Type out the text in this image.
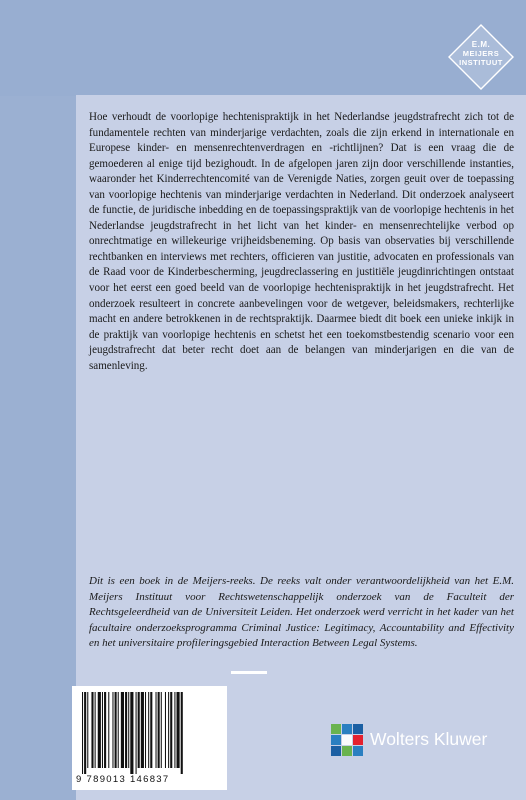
E.M.
MEIJERS
INSTITUUT
Hoe verhoudt de voorlopige hechtenispraktijk in het Nederlandse jeugdstrafrecht zich tot de fundamentele rechten van minderjarige verdachten, zoals die zijn erkend in internationale en Europese kinder- en mensenrechtenverdragen en -richtlijnen? Dat is een vraag die de gemoederen al enige tijd bezighoudt. In de afgelopen jaren zijn door verschillende instanties, waaronder het Kinderrechtencomité van de Verenigde Naties, zorgen geuit over de toepassing van voorlopige hechtenis van minderjarige verdachten in Nederland. Dit onderzoek analyseert de functie, de juridische inbedding en de toepassingspraktijk van de voorlopige hechtenis in het Nederlandse jeugdstrafrecht in het licht van het kinder- en mensenrechtelijke verbod op onrechtmatige en willekeurige vrijheidsbeneming. Op basis van observaties bij verschillende rechtbanken en interviews met rechters, officieren van justitie, advocaten en professionals van de Raad voor de Kinderbescherming, jeugdreclassering en justitiële jeugdinrichtingen ontstaat voor het eerst een goed beeld van de voorlopige hechtenispraktijk in het jeugdstrafrecht. Het onderzoek resulteert in concrete aanbevelingen voor de wetgever, beleidsmakers, rechterlijke macht en andere betrokkenen in de rechtspraktijk. Daarmee biedt dit boek een unieke inkijk in de praktijk van voorlopige hechtenis en schetst het een toekomstbestendig scenario voor een jeugdstrafrecht dat beter recht doet aan de belangen van minderjarigen en die van de samenleving.
Dit is een boek in de Meijers-reeks. De reeks valt onder verantwoordelijkheid van het E.M. Meijers Instituut voor Rechtswetenschappelijk onderzoek van de Faculteit der Rechtsgeleerdheid van de Universiteit Leiden. Het onderzoek werd verricht in het kader van het facultaire onderzoeksprogramma Criminal Justice: Legitimacy, Accountability and Effectivity en het universitaire profileringsgebied Interaction Between Legal Systems.
9 789013 146837
Wolters Kluwer
